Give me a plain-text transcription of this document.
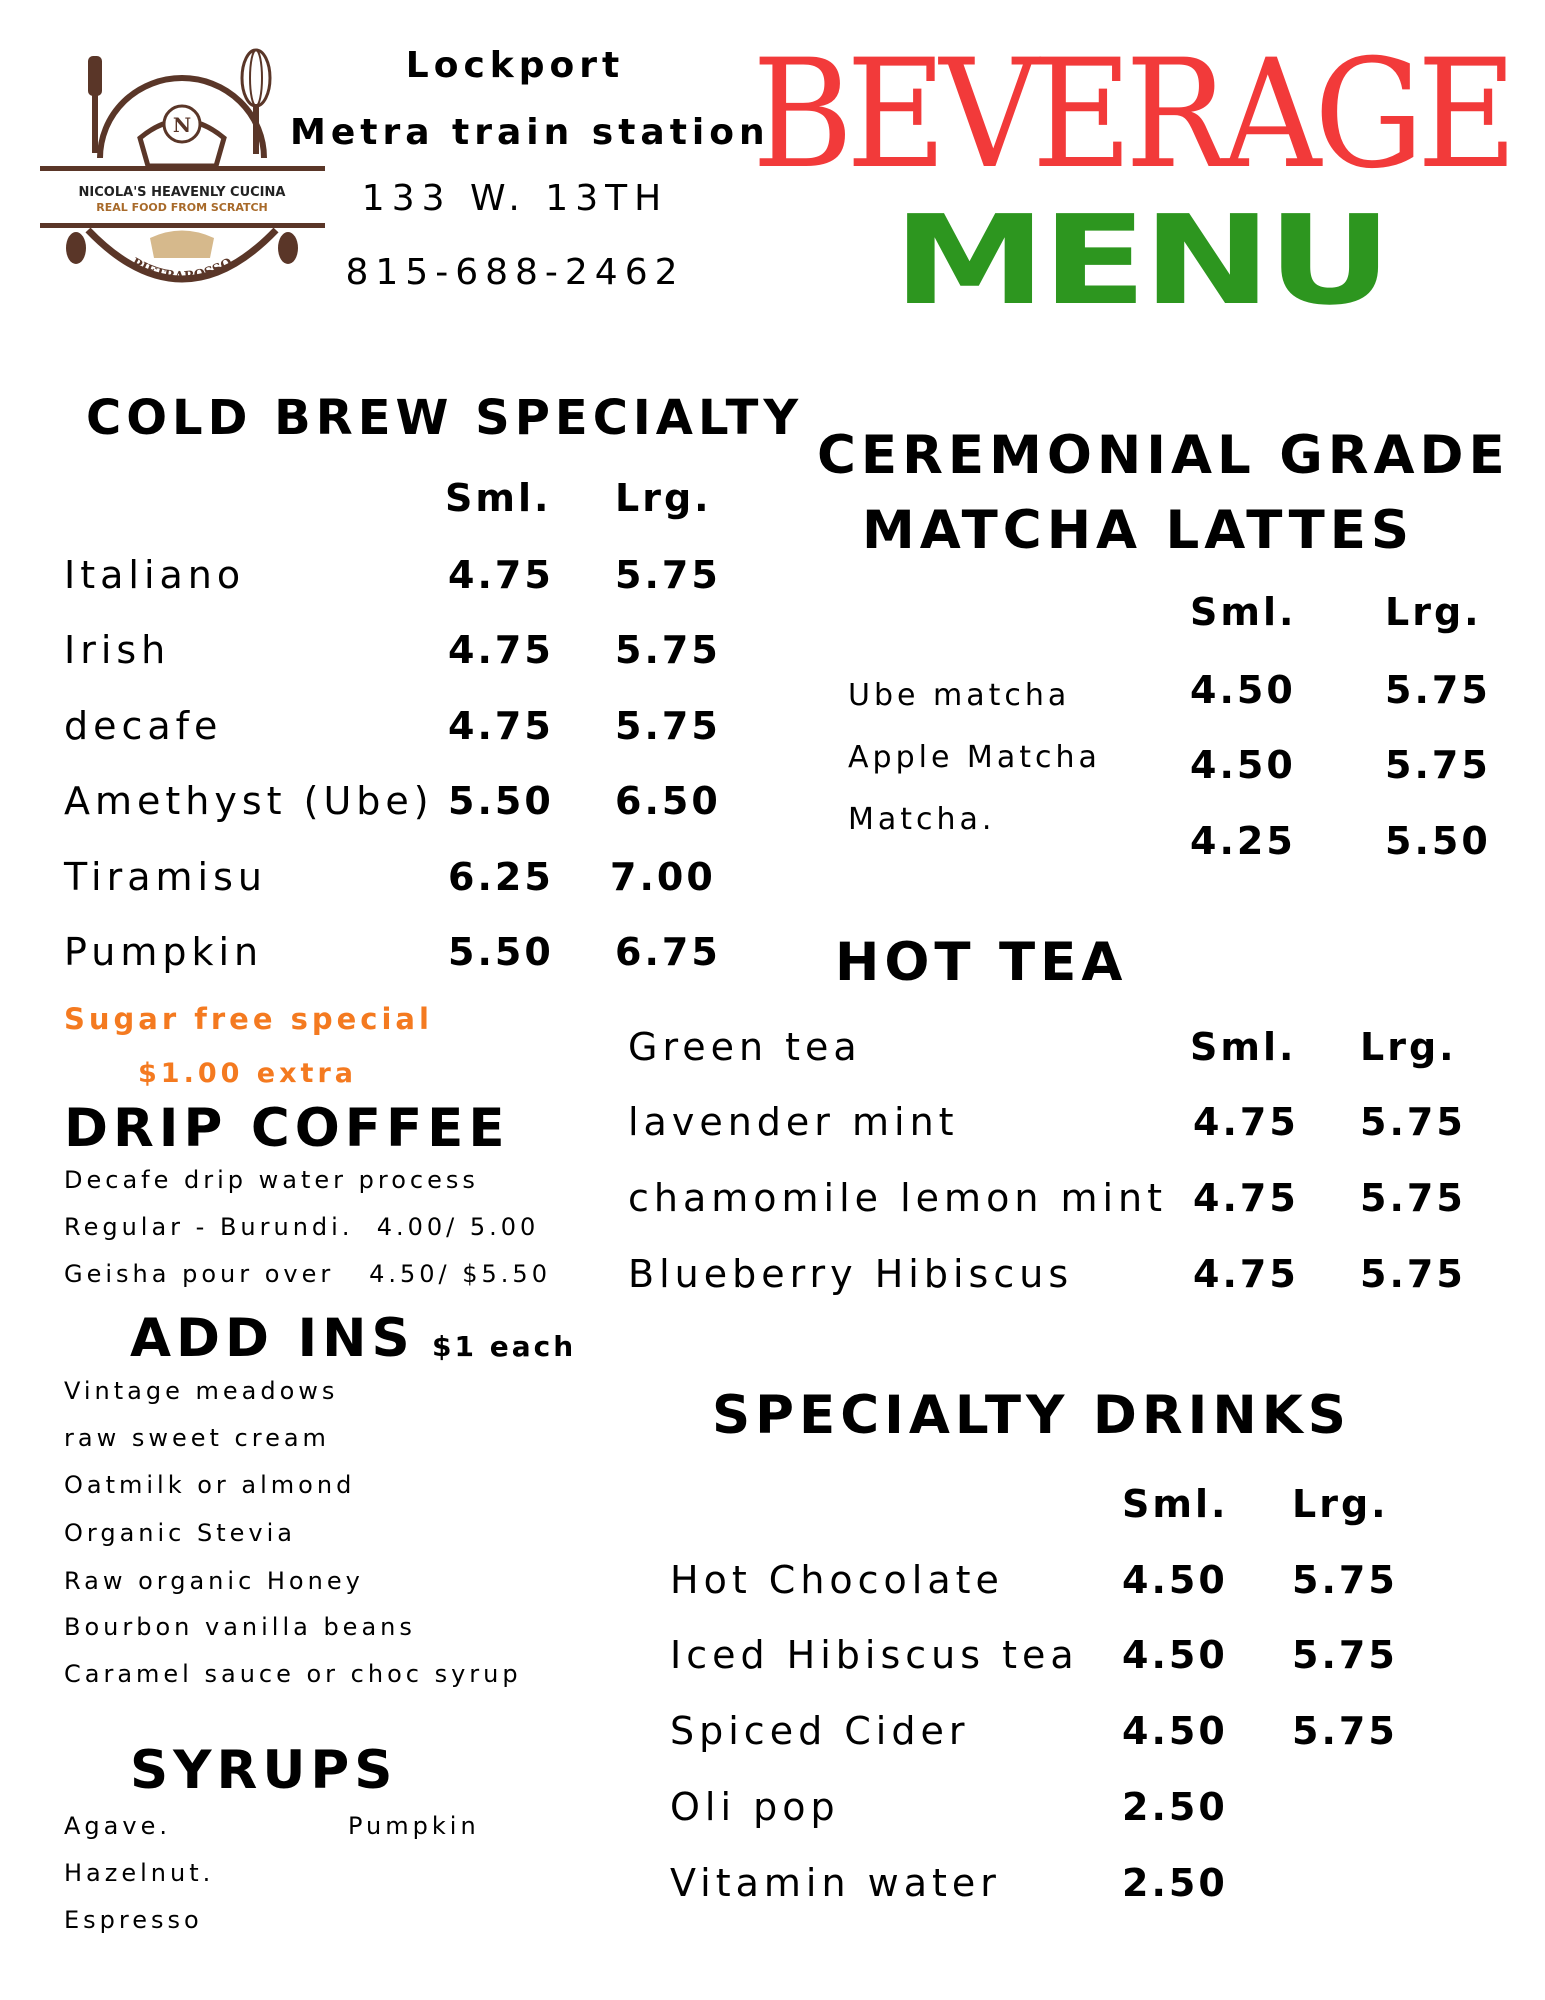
N
NICOLA'S HEAVENLY CUCINA
REAL FOOD FROM SCRATCH
PIETRAROSSO
Lockport
Metra train station
133 W. 13TH
815-688-2462
BEVERAGE
MENU
COLD BREW SPECIALTY
Sml. Lrg.
Italiano	4.75 5.75
Irish	4.75 5.75
decafe	4.75 5.75
Amethyst (Ube) 5.50 6.50
Tiramisu	6.25 7.00
Pumpkin	5.50 6.75
Sugar free special
$1.00 extra
DRIP COFFEE
Decafe drip water process
Regular - Burundi.  4.00/ 5.00
Geisha pour over   4.50/ $5.50
ADD INS $1 each
Vintage meadows
raw sweet cream
Oatmilk or almond
Organic Stevia
Raw organic Honey
Bourbon vanilla beans
Caramel sauce or choc syrup
SYRUPS
Agave.	Pumpkin
Hazelnut.
Espresso
CEREMONIAL GRADE
MATCHA LATTES
Sml. Lrg.
Ube matcha	4.50 5.75
Apple Matcha 4.50 5.75
Matcha.	4.25 5.50
HOT TEA
Green tea	Sml. Lrg.
lavender mint	4.75 5.75
chamomile lemon mint 4.75 5.75
Blueberry Hibiscus	4.75 5.75
SPECIALTY DRINKS
Sml. Lrg.
Hot Chocolate	4.50 5.75
Iced Hibiscus tea 4.50 5.75
Spiced Cider	4.50 5.75
Oli pop	2.50
Vitamin water	2.50
